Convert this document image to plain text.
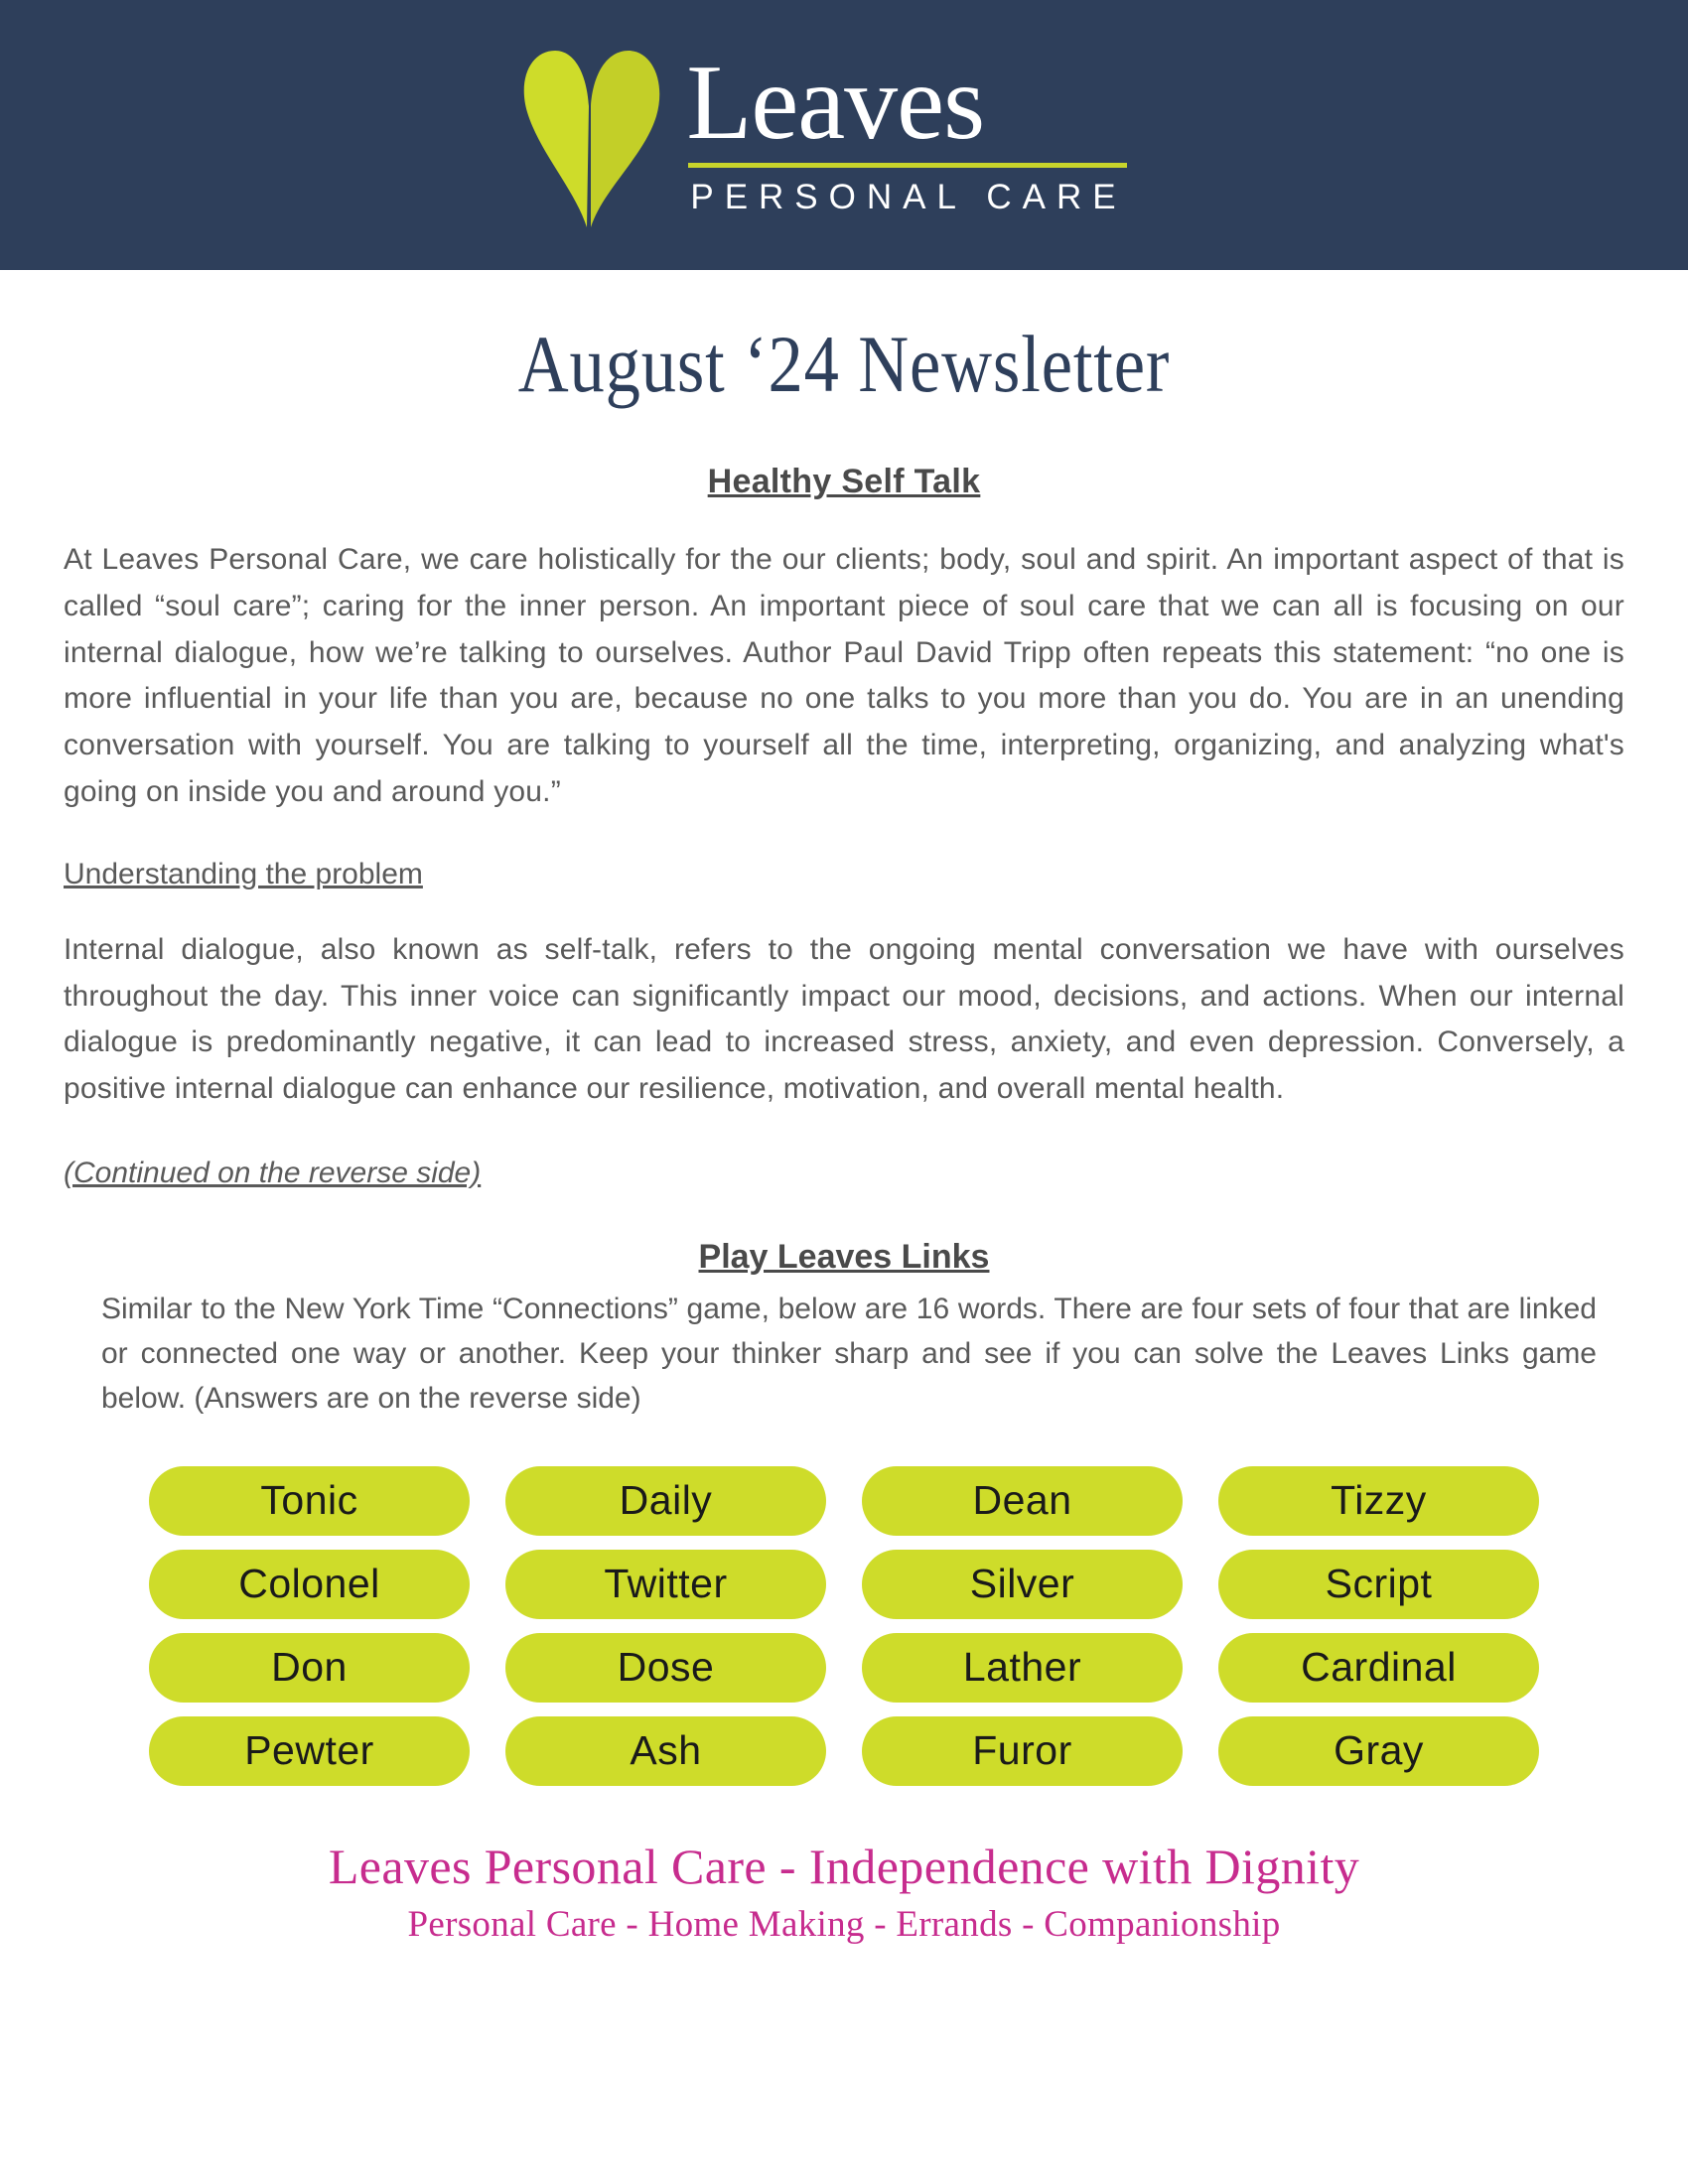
Leaves
PERSONAL CARE
August ‘24 Newsletter
Healthy Self Talk

At Leaves Personal Care, we care holistically for the our clients; body, soul and spirit. An important aspect of that is called “soul care”; caring for the inner person. An important piece of soul care that we can all is focusing on our internal dialogue, how we’re talking to ourselves. Author Paul David Tripp often repeats this statement: “no one is more influential in your life than you are, because no one talks to you more than you do. You are in an unending conversation with yourself. You are talking to yourself all the time, interpreting, organizing, and analyzing what's going on inside you and around you.”

Understanding the problem

Internal dialogue, also known as self-talk, refers to the ongoing mental conversation we have with ourselves throughout the day. This inner voice can significantly impact our mood, decisions, and actions. When our internal dialogue is predominantly negative, it can lead to increased stress, anxiety, and even depression. Conversely, a positive internal dialogue can enhance our resilience, motivation, and overall mental health.

(Continued on the reverse side)

Play Leaves Links

Similar to the New York Time “Connections” game, below are 16 words. There are four sets of four that are linked or connected one way or another. Keep your thinker sharp and see if you can solve the Leaves Links game below. (Answers are on the reverse side)

Tonic	Daily	Dean	Tizzy
Colonel	Twitter	Silver	Script
Don	Dose	Lather	Cardinal
Pewter	Ash	Furor	Gray
Leaves Personal Care - Independence with Dignity
Personal Care - Home Making - Errands - Companionship
